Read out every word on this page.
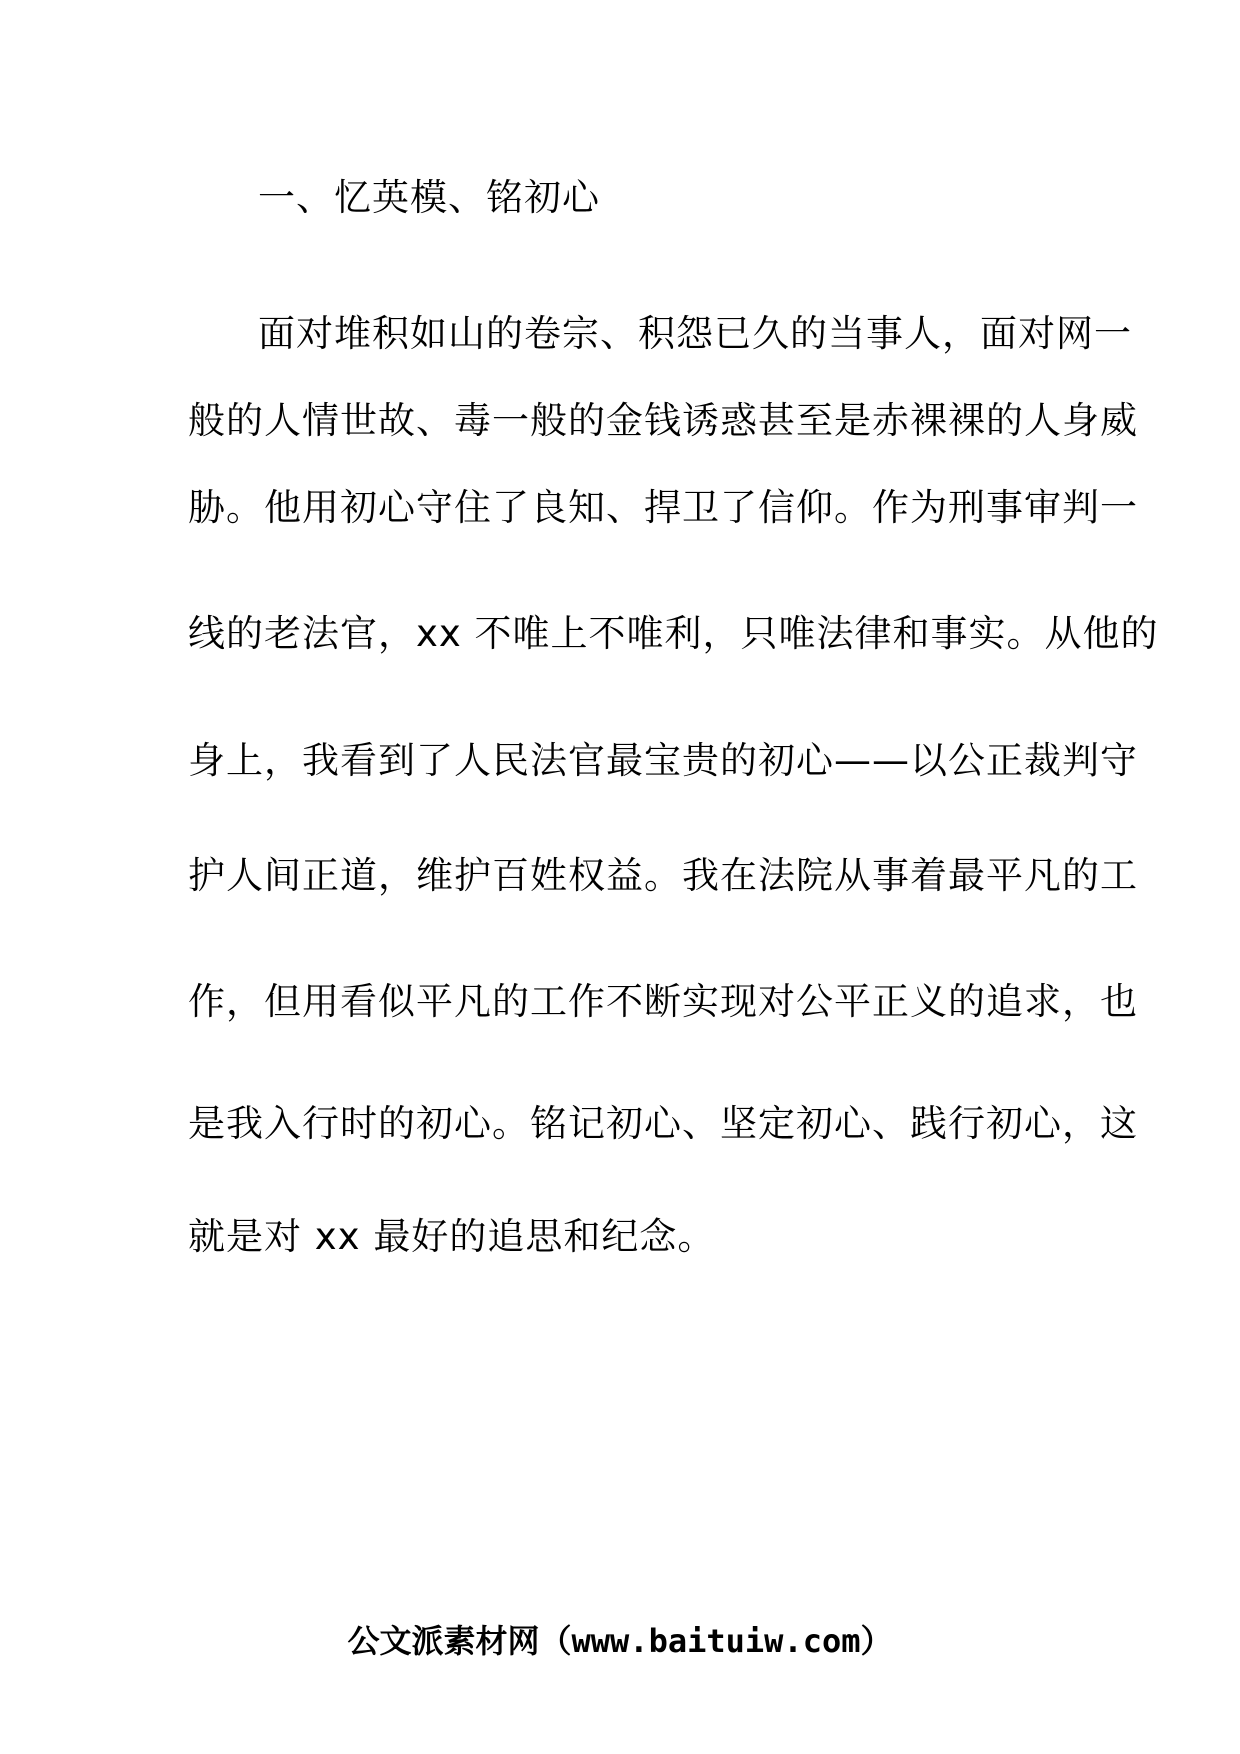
一、忆英模、铭初心
面对堆积如山的卷宗、积怨已久的当事人，面对网一
般的人情世故、毒一般的金钱诱惑甚至是赤裸裸的人身威
胁。他用初心守住了良知、捍卫了信仰。作为刑事审判一
线的老法官，xx 不唯上不唯利，只唯法律和事实。从他的
身上，我看到了人民法官最宝贵的初心——以公正裁判守
护人间正道，维护百姓权益。我在法院从事着最平凡的工
作，但用看似平凡的工作不断实现对公平正义的追求，也
是我入行时的初心。铭记初心、坚定初心、践行初心，这
就是对 xx 最好的追思和纪念。
公文派素材网（www.baituiw.com）
